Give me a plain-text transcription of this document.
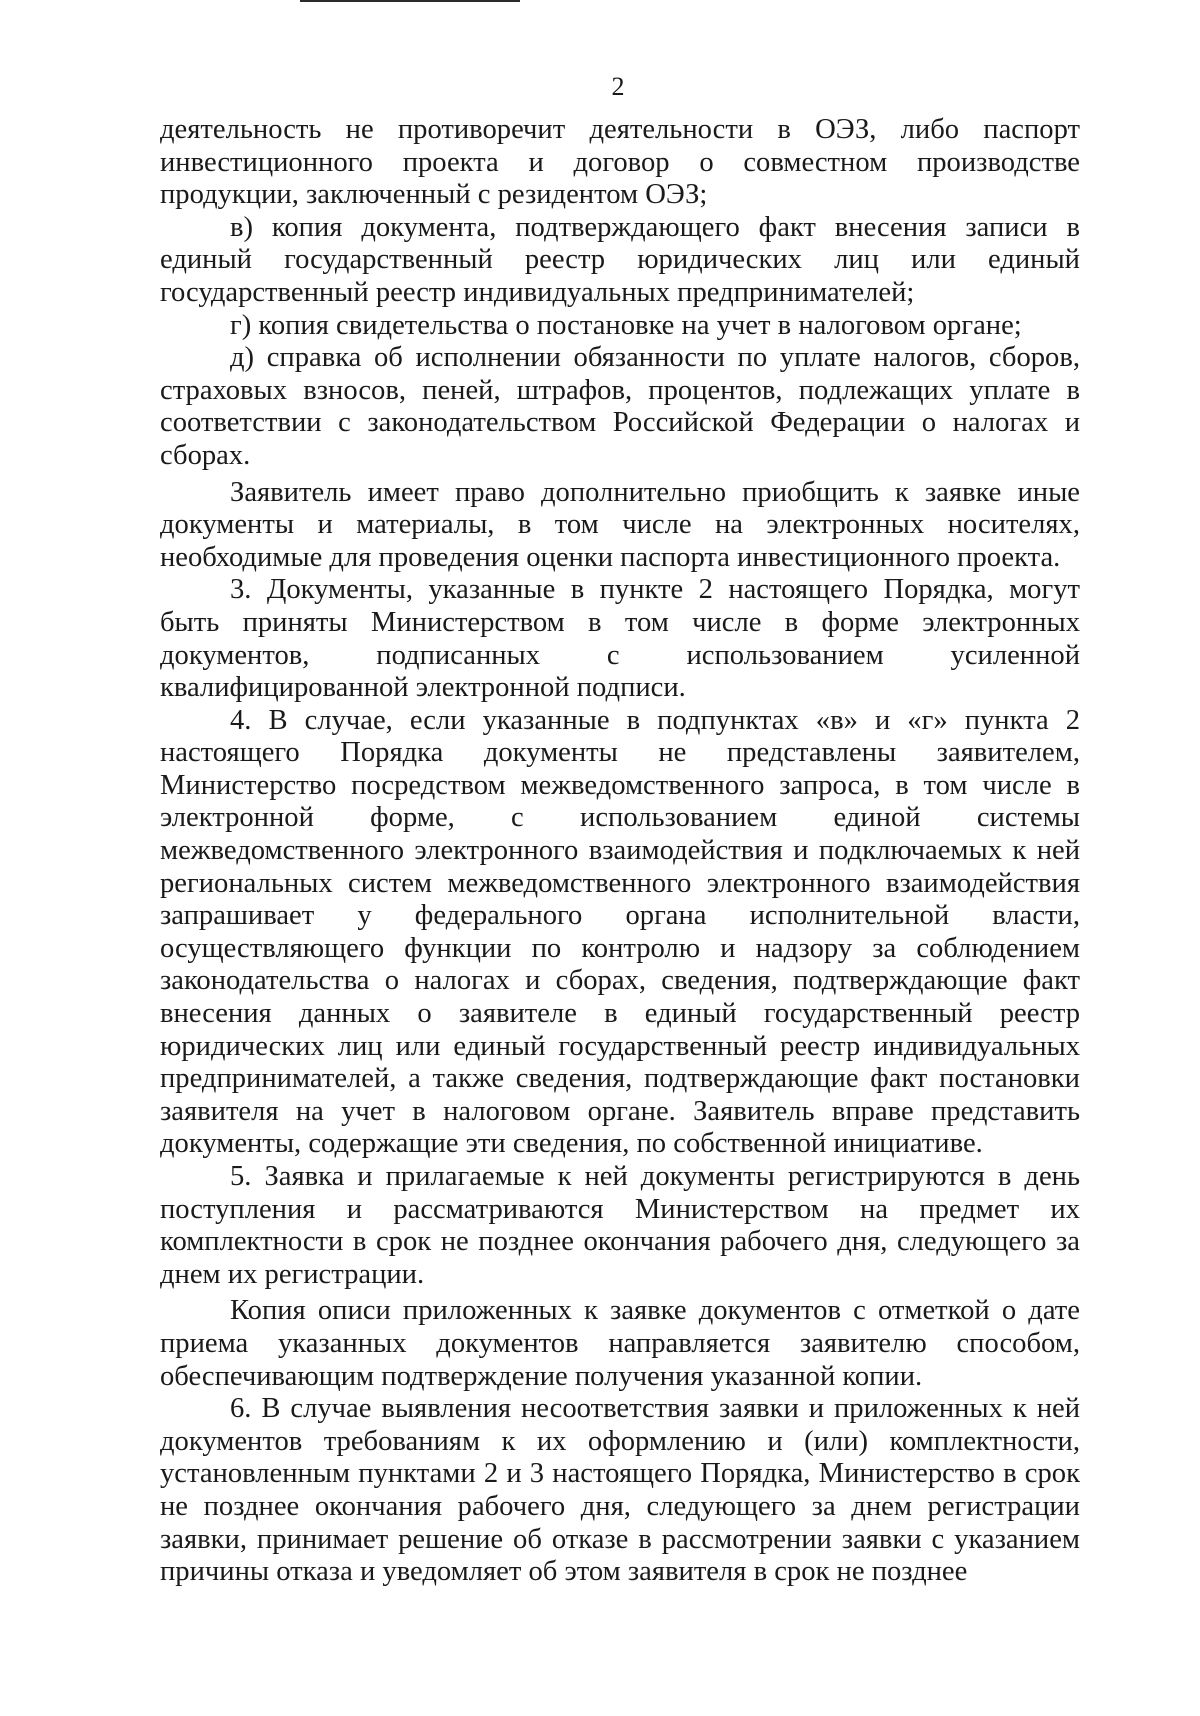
2

деятельность не противоречит деятельности в ОЭЗ, либо паспорт инвестиционного проекта и договор о совместном производстве продукции, заключенный с резидентом ОЭЗ;

в) копия документа, подтверждающего факт внесения записи в единый государственный реестр юридических лиц или единый государственный реестр индивидуальных предпринимателей;

г) копия свидетельства о постановке на учет в налоговом органе;

д) справка об исполнении обязанности по уплате налогов, сборов, страховых взносов, пеней, штрафов, процентов, подлежащих уплате в соответствии с законодательством Российской Федерации о налогах и сборах.

Заявитель имеет право дополнительно приобщить к заявке иные документы и материалы, в том числе на электронных носителях, необходимые для проведения оценки паспорта инвестиционного проекта.

3. Документы, указанные в пункте 2 настоящего Порядка, могут быть приняты Министерством в том числе в форме электронных документов, подписанных с использованием усиленной квалифицированной электронной подписи.

4. В случае, если указанные в подпунктах «в» и «г» пункта 2 настоящего Порядка документы не представлены заявителем, Министерство посредством межведомственного запроса, в том числе в электронной форме, с использованием единой системы межведомственного электронного взаимодействия и подключаемых к ней региональных систем межведомственного электронного взаимодействия запрашивает у федерального органа исполнительной власти, осуществляющего функции по контролю и надзору за соблюдением законодательства о налогах и сборах, сведения, подтверждающие факт внесения данных о заявителе в единый государственный реестр юридических лиц или единый государственный реестр индивидуальных предпринимателей, а также сведения, подтверждающие факт постановки заявителя на учет в налоговом органе. Заявитель вправе представить документы, содержащие эти сведения, по собственной инициативе.

5. Заявка и прилагаемые к ней документы регистрируются в день поступления и рассматриваются Министерством на предмет их комплектности в срок не позднее окончания рабочего дня, следующего за днем их регистрации.

Копия описи приложенных к заявке документов с отметкой о дате приема указанных документов направляется заявителю способом, обеспечивающим подтверждение получения указанной копии.

6. В случае выявления несоответствия заявки и приложенных к ней документов требованиям к их оформлению и (или) комплектности, установленным пунктами 2 и 3 настоящего Порядка, Министерство в срок не позднее окончания рабочего дня, следующего за днем регистрации заявки, принимает решение об отказе в рассмотрении заявки с указанием причины отказа и уведомляет об этом заявителя в срок не позднее
